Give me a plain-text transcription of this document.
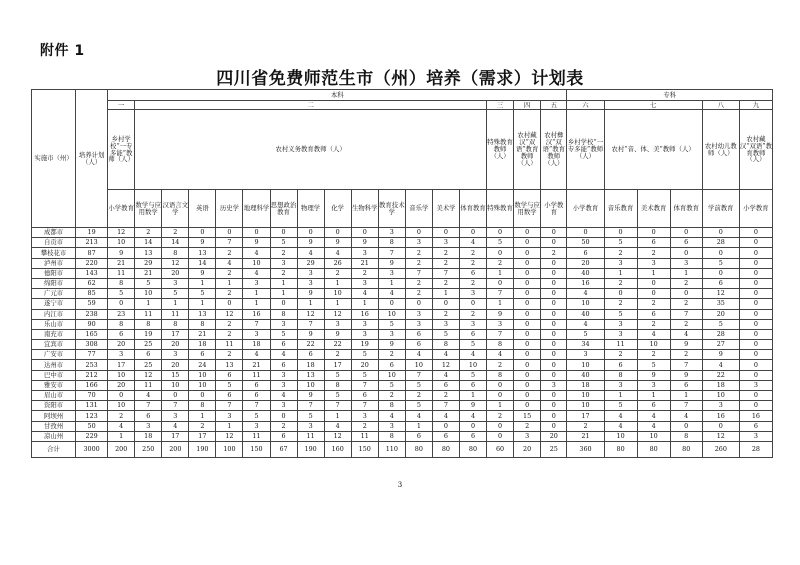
附件 1
四川省免费师范生市（州）培养（需求）计划表
实施市（州）	培养计划（人）	本科																	专科					
		一	二													三	四	五	六	七			八	九
		乡村学校“一专多能”教师（人）	农村义务教育教师（人）													特殊教育教师（人）	农村藏汉“双语”教育教师（人）	农村彝汉“双语”教育教师（人）	乡村学校“一专多能”教师（人）	农村“音、体、美”教师（人）			农村幼儿教师（人）	农村藏汉“双语”教育教师（人）
		小学教育	数学与应用数学	汉语言文学	英语	历史学	地理科学	思想政治教育	物理学	化学	生物科学	教育技术学	音乐学	美术学	体育教育	特殊教育	数学与应用数学	小学教育	小学教育	音乐教育	美术教育	体育教育	学前教育	小学教育
成都市	19	12	2	2	0	0	0	0	0	0	0	3	0	0	0	0	0	0	0	0	0	0	0	0
自贡市	213	10	14	14	9	7	9	5	9	9	9	8	3	3	4	5	0	0	50	5	6	6	28	0
攀枝花市	87	9	13	8	13	2	4	2	4	4	3	7	2	2	2	0	0	2	6	2	2	0	0	0
泸州市	220	21	29	12	14	4	10	3	29	26	21	9	2	2	2	2	0	0	20	3	3	3	5	0
德阳市	143	11	21	20	9	2	4	2	3	2	2	3	7	7	6	1	0	0	40	1	1	1	0	0
绵阳市	62	8	5	3	1	1	3	1	3	1	3	1	2	2	2	0	0	0	16	2	0	2	6	0
广元市	85	5	10	5	5	2	1	1	9	10	4	4	2	1	3	7	0	0	4	0	0	0	12	0
遂宁市	59	0	1	1	1	0	1	0	1	1	1	0	0	0	0	1	0	0	10	2	2	2	35	0
内江市	238	23	11	11	13	12	16	8	12	12	16	10	3	2	2	9	0	0	40	5	6	7	20	0
乐山市	90	8	8	8	8	2	7	3	7	3	3	5	3	3	3	3	0	0	4	3	2	2	5	0
南充市	165	6	19	17	21	2	3	5	9	9	3	3	6	5	6	7	0	0	5	3	4	4	28	0
宜宾市	308	20	25	20	18	11	18	6	22	22	19	9	6	8	5	8	0	0	34	11	10	9	27	0
广安市	77	3	6	3	6	2	4	4	6	2	5	2	4	4	4	4	0	0	3	2	2	2	9	0
达州市	253	17	25	20	24	13	21	6	18	17	20	6	10	12	10	2	0	0	10	6	5	7	4	0
巴中市	212	10	12	15	10	6	11	3	13	5	5	10	7	4	5	8	0	0	40	8	9	9	22	0
雅安市	166	20	11	10	10	5	6	3	10	8	7	5	5	6	6	0	0	3	18	3	3	6	18	3
眉山市	70	0	4	0	0	6	6	4	9	5	6	2	2	2	1	0	0	0	10	1	1	1	10	0
资阳市	131	10	7	7	8	7	7	3	7	7	7	8	5	7	9	1	0	0	10	5	6	7	3	0
阿坝州	123	2	6	3	1	3	5	0	5	1	3	4	4	4	4	2	15	0	17	4	4	4	16	16
甘孜州	50	4	3	4	2	1	3	2	3	4	2	3	1	0	0	0	2	0	2	4	4	0	0	6
凉山州	229	1	18	17	17	12	11	6	11	12	11	8	6	6	6	0	3	20	21	10	10	8	12	3
合计	3000	200	250	200	190	100	150	67	190	160	150	110	80	80	80	60	20	25	360	80	80	80	260	28
3
